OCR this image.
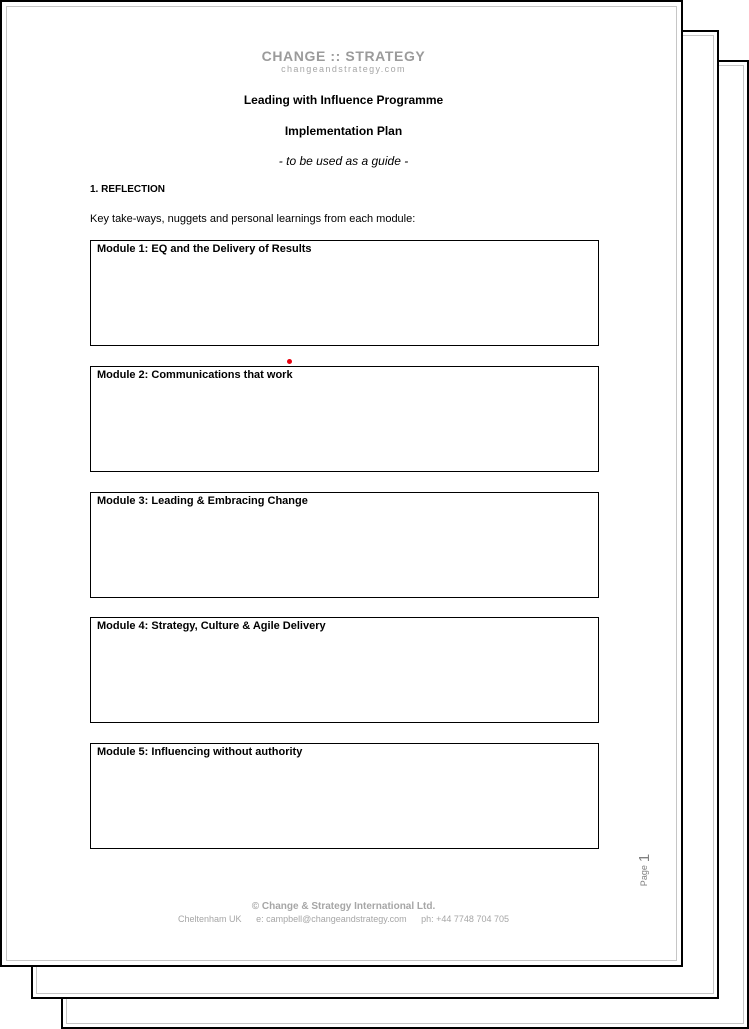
CHANGE :: STRATEGY
changeandstrategy.com
Leading with Influence Programme
Implementation Plan
- to be used as a guide -
1. REFLECTION
Key take-ways, nuggets and personal learnings from each module:
Module 1: EQ and the Delivery of Results
Module 2: Communications that work
Module 3: Leading & Embracing Change
Module 4: Strategy, Culture & Agile Delivery
Module 5: Influencing without authority
Page
1
© Change & Strategy International Ltd.
Cheltenham UK e: campbell@changeandstrategy.com ph: +44 7748 704 705
